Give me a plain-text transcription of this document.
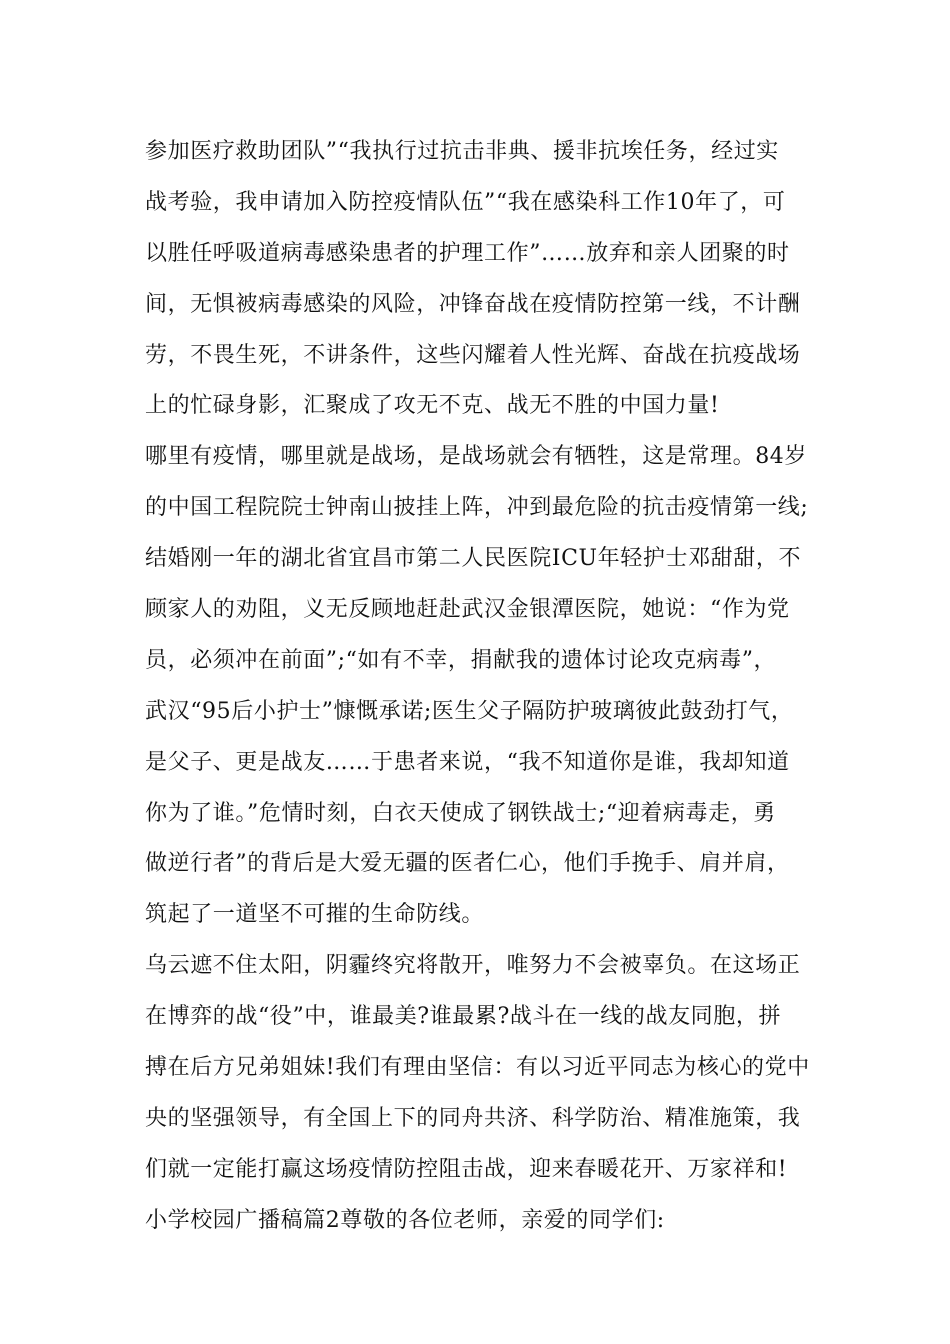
参加医疗救助团队”“我执行过抗击非典、援非抗埃任务，经过实
战考验，我申请加入防控疫情队伍”“我在感染科工作10年了，可
以胜任呼吸道病毒感染患者的护理工作”……放弃和亲人团聚的时
间，无惧被病毒感染的风险，冲锋奋战在疫情防控第一线，不计酬
劳，不畏生死，不讲条件，这些闪耀着人性光辉、奋战在抗疫战场
上的忙碌身影，汇聚成了攻无不克、战无不胜的中国力量!
哪里有疫情，哪里就是战场，是战场就会有牺牲，这是常理。84岁
的中国工程院院士钟南山披挂上阵，冲到最危险的抗击疫情第一线;
结婚刚一年的湖北省宜昌市第二人民医院ICU年轻护士邓甜甜，不
顾家人的劝阻，义无反顾地赶赴武汉金银潭医院，她说：“作为党
员，必须冲在前面”;“如有不幸，捐献我的遗体讨论攻克病毒”，
武汉“95后小护士”慷慨承诺;医生父子隔防护玻璃彼此鼓劲打气，
是父子、更是战友……于患者来说，“我不知道你是谁，我却知道
你为了谁。”危情时刻，白衣天使成了钢铁战士;“迎着病毒走，勇
做逆行者”的背后是大爱无疆的医者仁心，他们手挽手、肩并肩，
筑起了一道坚不可摧的生命防线。
乌云遮不住太阳，阴霾终究将散开，唯努力不会被辜负。在这场正
在博弈的战“役”中，谁最美?谁最累?战斗在一线的战友同胞，拼
搏在后方兄弟姐妹!我们有理由坚信：有以习近平同志为核心的党中
央的坚强领导，有全国上下的同舟共济、科学防治、精准施策，我
们就一定能打赢这场疫情防控阻击战，迎来春暖花开、万家祥和!
小学校园广播稿篇2尊敬的各位老师，亲爱的同学们:
